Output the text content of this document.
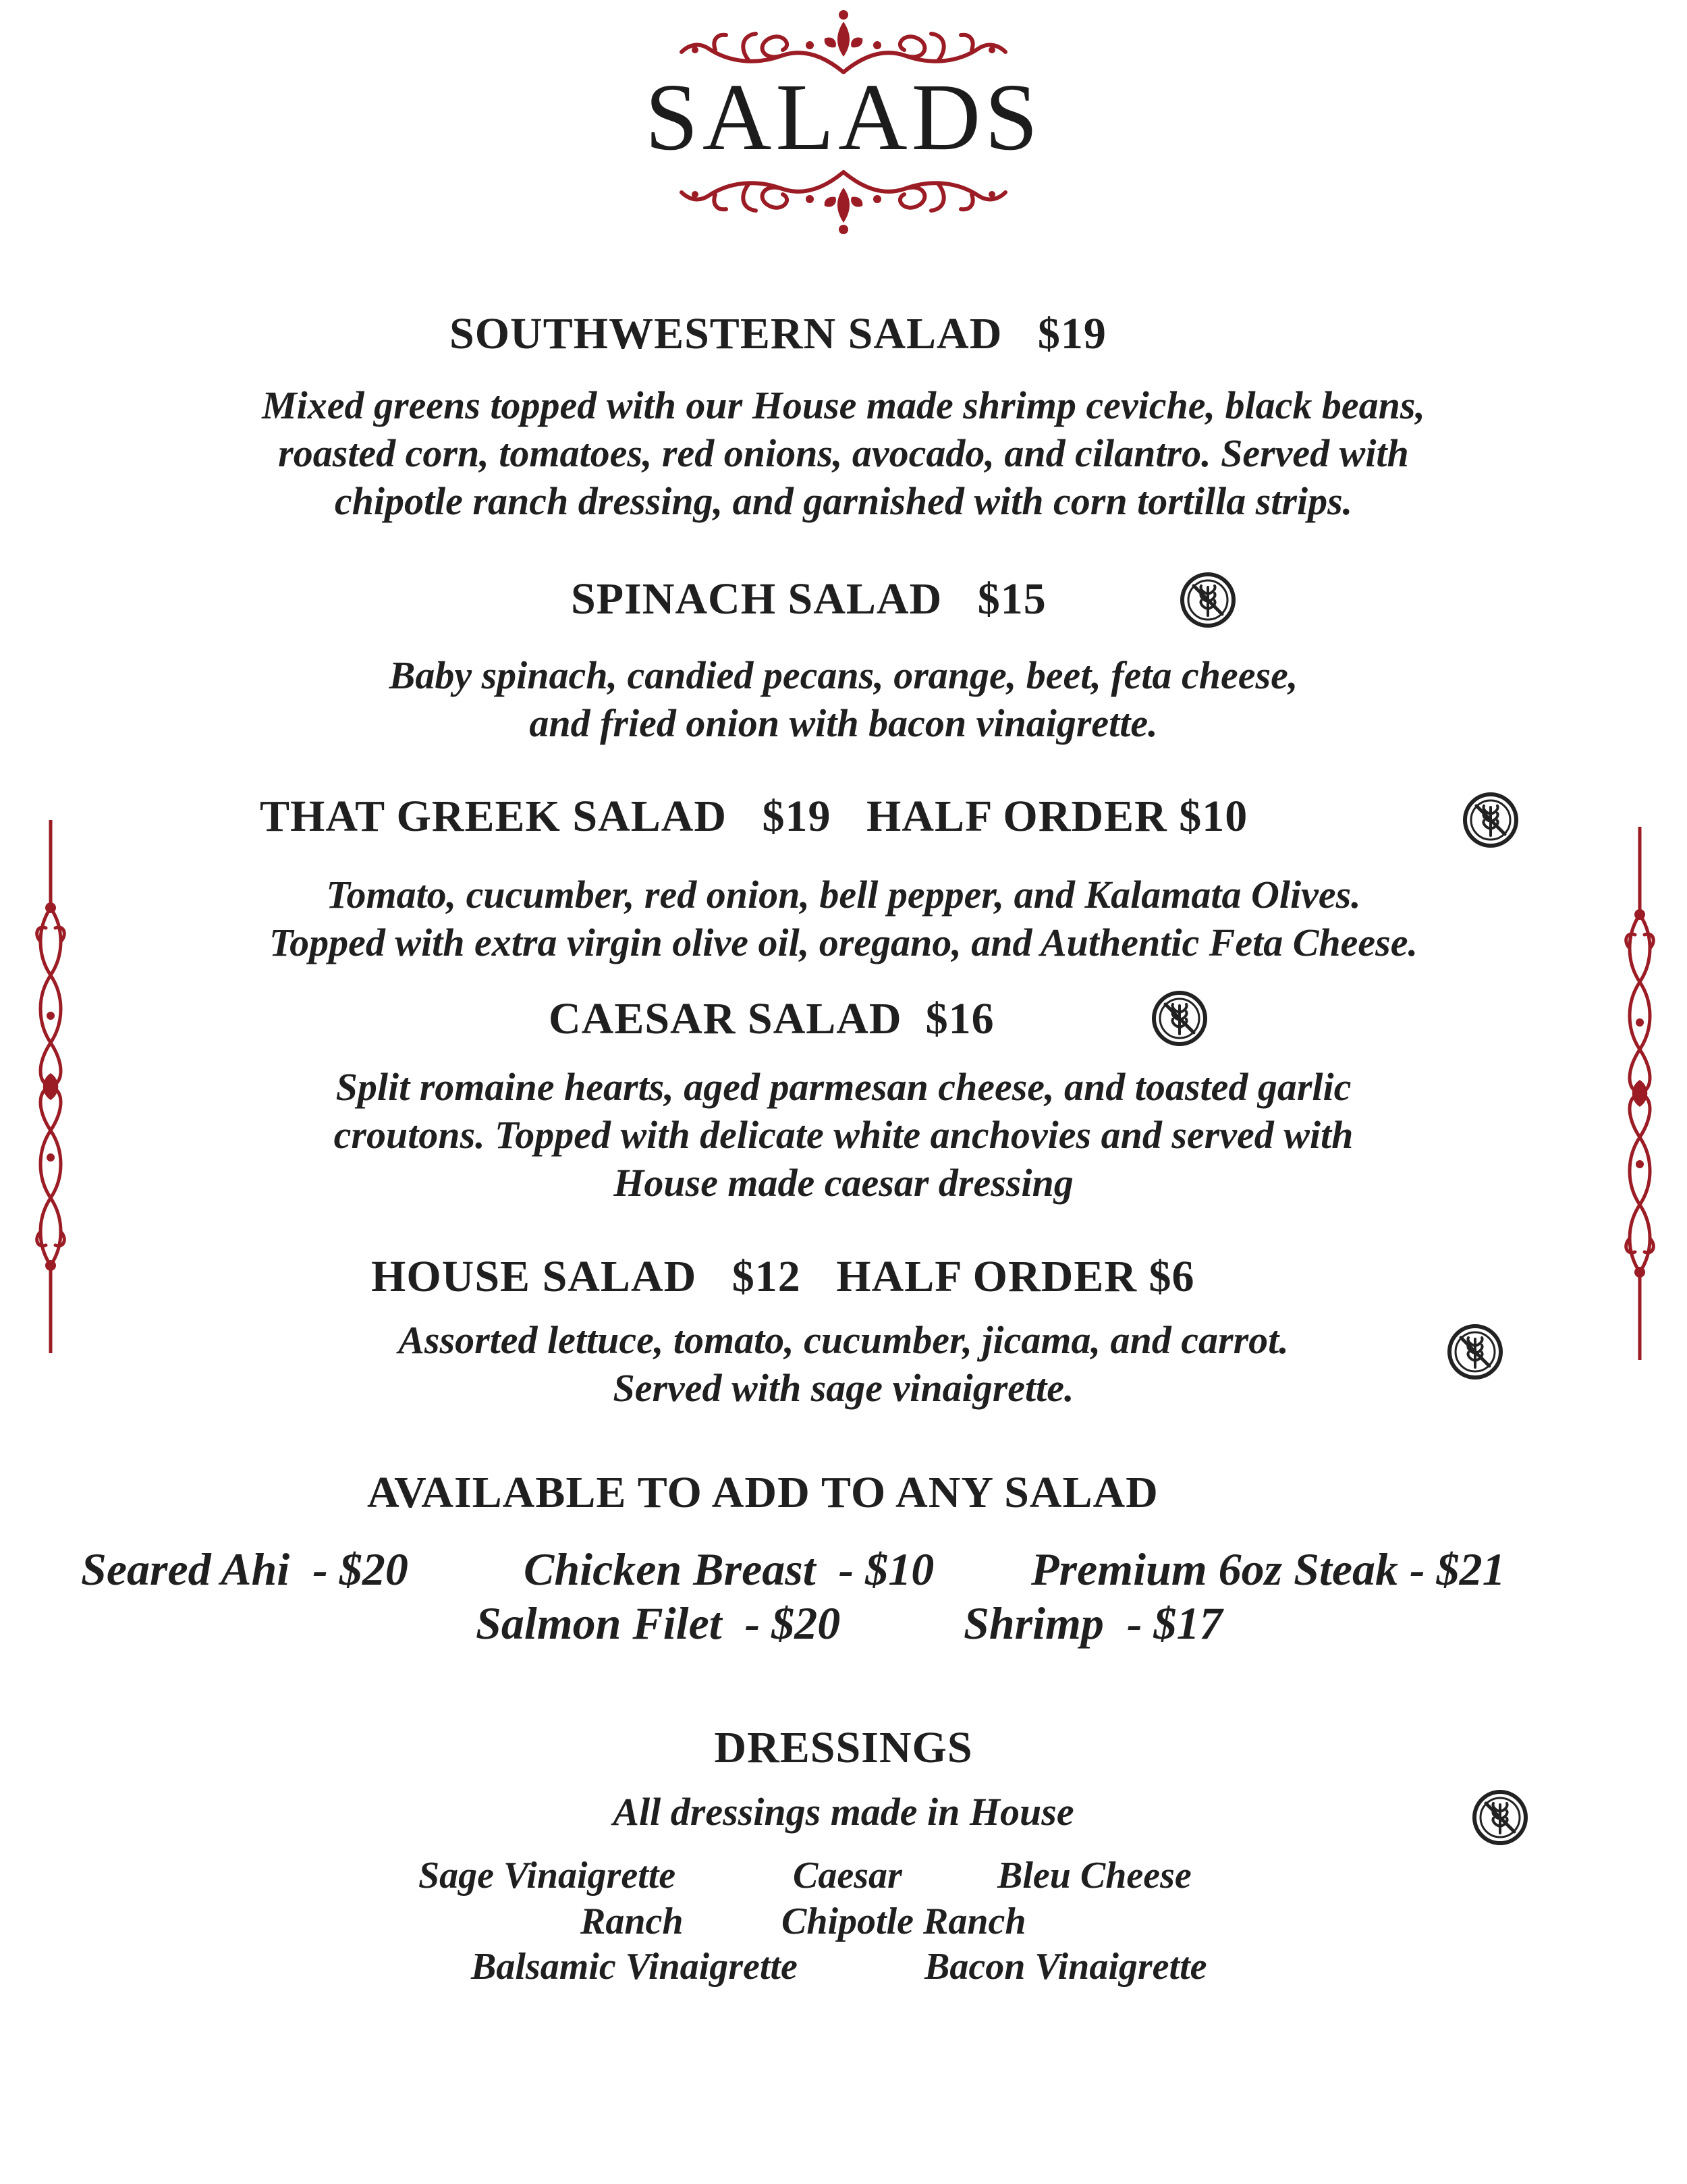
SALADS
SOUTHWESTERN SALAD   $19
Mixed greens topped with our House made shrimp ceviche, black beans,
roasted corn, tomatoes, red onions, avocado, and cilantro. Served with
chipotle ranch dressing, and garnished with corn tortilla strips.
SPINACH SALAD   $15
Baby spinach, candied pecans, orange, beet, feta cheese,
and fried onion with bacon vinaigrette.
THAT GREEK SALAD   $19   HALF ORDER $10
Tomato, cucumber, red onion, bell pepper, and Kalamata Olives.
Topped with extra virgin olive oil, oregano, and Authentic Feta Cheese.
CAESAR SALAD  $16
Split romaine hearts, aged parmesan cheese, and toasted garlic
croutons. Topped with delicate white anchovies and served with
House made caesar dressing
HOUSE SALAD   $12   HALF ORDER $6
Assorted lettuce, tomato, cucumber, jicama, and carrot.
Served with sage vinaigrette.
AVAILABLE TO ADD TO ANY SALAD
Seared Ahi  - $20	Chicken Breast  - $10 Premium 6oz Steak - $21
Salmon Filet  - $20	Shrimp  - $17
DRESSINGS
All dressings made in House
Sage Vinaigrette	Caesar	Bleu Cheese
Ranch	Chipotle Ranch
Balsamic Vinaigrette	Bacon Vinaigrette
